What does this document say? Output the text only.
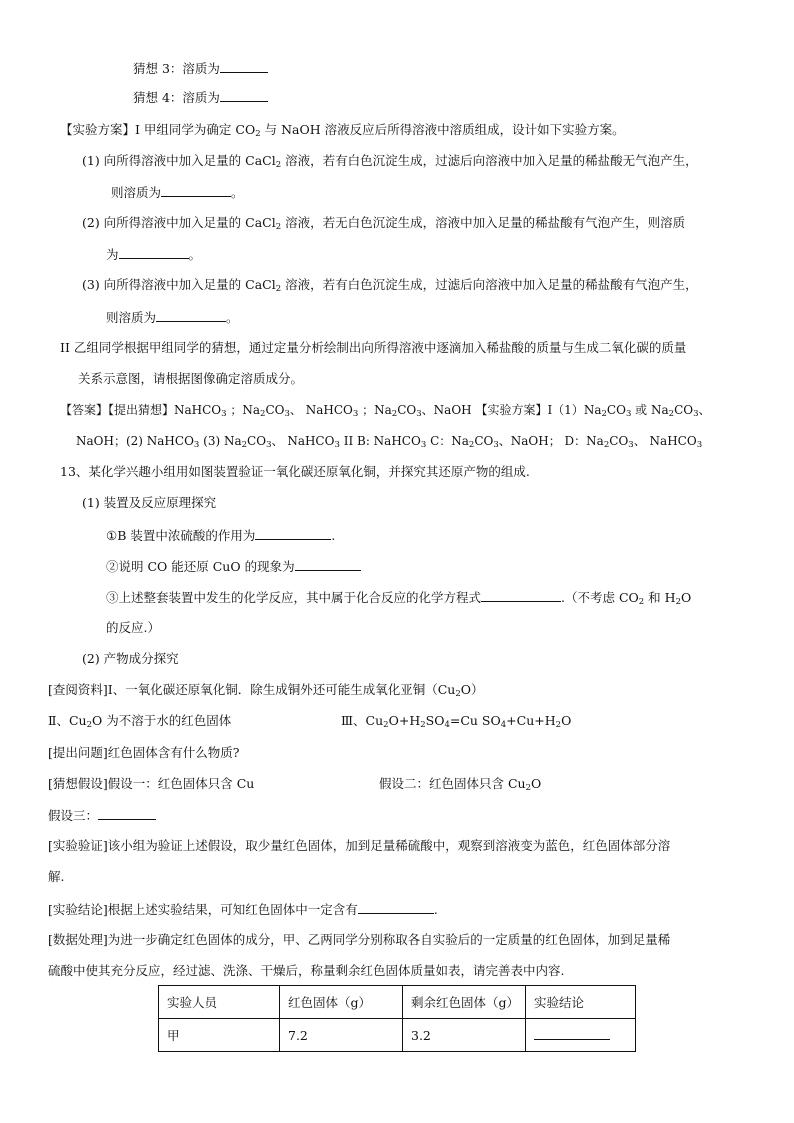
猜想 3：溶质为
猜想 4：溶质为
【实验方案】I 甲组同学为确定 $CO_2$ 与 NaOH 溶液反应后所得溶液中溶质组成，设计如下实验方案。
(1) 向所得溶液中加入足量的 CaCl$_2$ 溶液，若有白色沉淀生成，过滤后向溶液中加入足量的稀盐酸无气泡产生，
则溶质为	。
(2) 向所得溶液中加入足量的 CaCl$_2$ 溶液，若无白色沉淀生成，溶液中加入足量的稀盐酸有气泡产生，则溶质
为	。
(3) 向所得溶液中加入足量的 CaCl$_2$ 溶液，若有白色沉淀生成，过滤后向溶液中加入足量的稀盐酸有气泡产生，
则溶质为	。
II 乙组同学根据甲组同学的猜想，通过定量分析绘制出向所得溶液中逐滴加入稀盐酸的质量与生成二氧化碳的质量
关系示意图，请根据图像确定溶质成分。
【答案】【提出猜想】NaHCO$_3$ ；$Na_2CO_3$、 NaHCO$_3$ ；$Na_2CO_3$、NaOH 【实验方案】$I(1)Na_2CO_3$ 或 $Na_2CO_3$、
NaOH；(2) NaHCO$_3$ (3) $Na_2CO_3$、 NaHCO$_3$ II B: NaHCO$_3$ C：$Na_2CO_3$、NaOH； D：$Na_2CO_3$、 NaHCO$_3$
13、某化学兴趣小组用如图装置验证一氧化碳还原氧化铜，并探究其还原产物的组成.
(1) 装置及反应原理探究
①B 装置中浓硫酸的作用为	.
②说明 CO 能还原 CuO 的现象为
③上述整套装置中发生的化学反应，其中属于化合反应的化学方程式	.（不考虑 $CO_2$ 和 $H_2O$
的反应.）
(2) 产物成分探究
[查阅资料]Ⅰ、一氧化碳还原氧化铜．除生成铜外还可能生成氧化亚铜$(Cu_2O)$
Ⅱ、$Cu_2O$ 为不溶于水的红色固体	Ⅲ、$Cu_2O+H_2SO_4=Cu$ $SO_4+Cu+H_2O$
[提出问题]红色固体含有什么物质?
[猜想假设]假设一：红色固体只含 Cu	假设二：红色固体只含 $Cu_2O$
假设三：
[实验验证]该小组为验证上述假设，取少量红色固体，加到足量稀硫酸中，观察到溶液变为蓝色，红色固体部分溶
解.
[实验结论]根据上述实验结果，可知红色固体中一定含有	.
[数据处理]为进一步确定红色固体的成分，甲、乙两同学分别称取各自实验后的一定质量的红色固体，加到足量稀
硫酸中使其充分反应，经过滤、洗涤、干燥后，称量剩余红色固体质量如表，请完善表中内容.
实验人员	红色固体（g）	剩余红色固体（g）	实验结论
甲	7.2	3.2	
